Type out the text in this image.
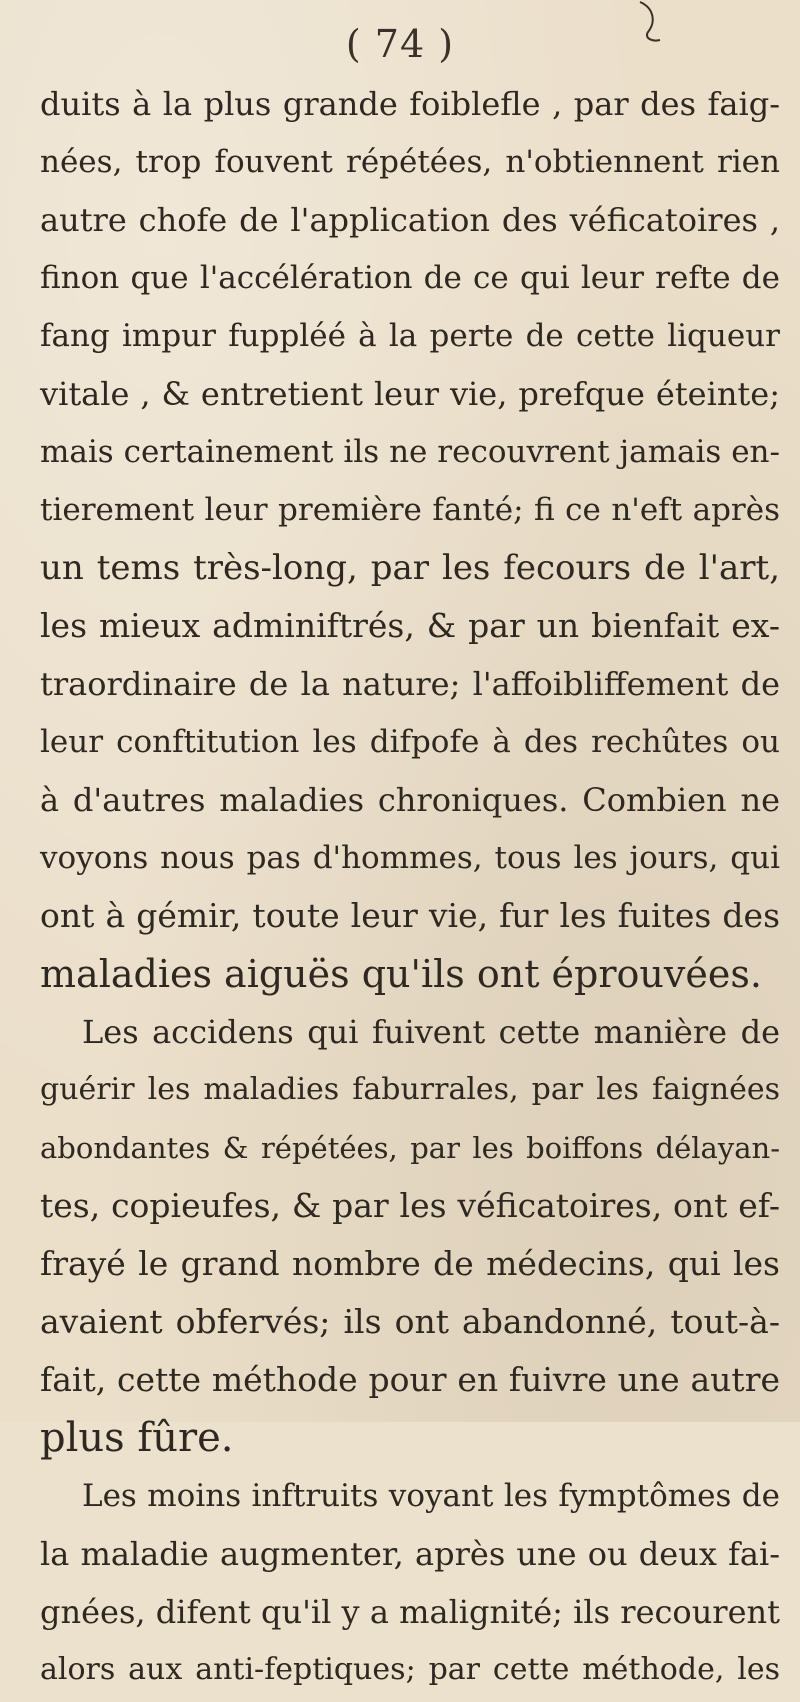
( 74 )
duits à la plus grande foiblefle , par des faig-
nées, trop fouvent répétées, n'obtiennent rien
autre chofe de l'application des véficatoires ,
finon que l'accélération de ce qui leur refte de
fang impur fuppléé à la perte de cette liqueur
vitale , & entretient leur vie, prefque éteinte;
mais certainement ils ne recouvrent jamais en-
tierement leur première fanté; fi ce n'eft après
un tems très-long, par les fecours de l'art,
les mieux adminiftrés, & par un bienfait ex-
traordinaire de la nature; l'affoibliffement de
leur conftitution les difpofe à des rechûtes ou
à d'autres maladies chroniques. Combien ne
voyons nous pas d'hommes, tous les jours, qui
ont à gémir, toute leur vie, fur les fuites des
maladies aiguës qu'ils ont éprouvées.
Les accidens qui fuivent cette manière de
guérir les maladies faburrales, par les faignées
abondantes & répétées, par les boiffons délayan-
tes, copieufes, & par les véficatoires, ont ef-
frayé le grand nombre de médecins, qui les
avaient obfervés; ils ont abandonné, tout-à-
fait, cette méthode pour en fuivre une autre
plus fûre.
Les moins inftruits voyant les fymptômes de
la maladie augmenter, après une ou deux fai-
gnées, difent qu'il y a malignité; ils recourent
alors aux anti-feptiques; par cette méthode, les
